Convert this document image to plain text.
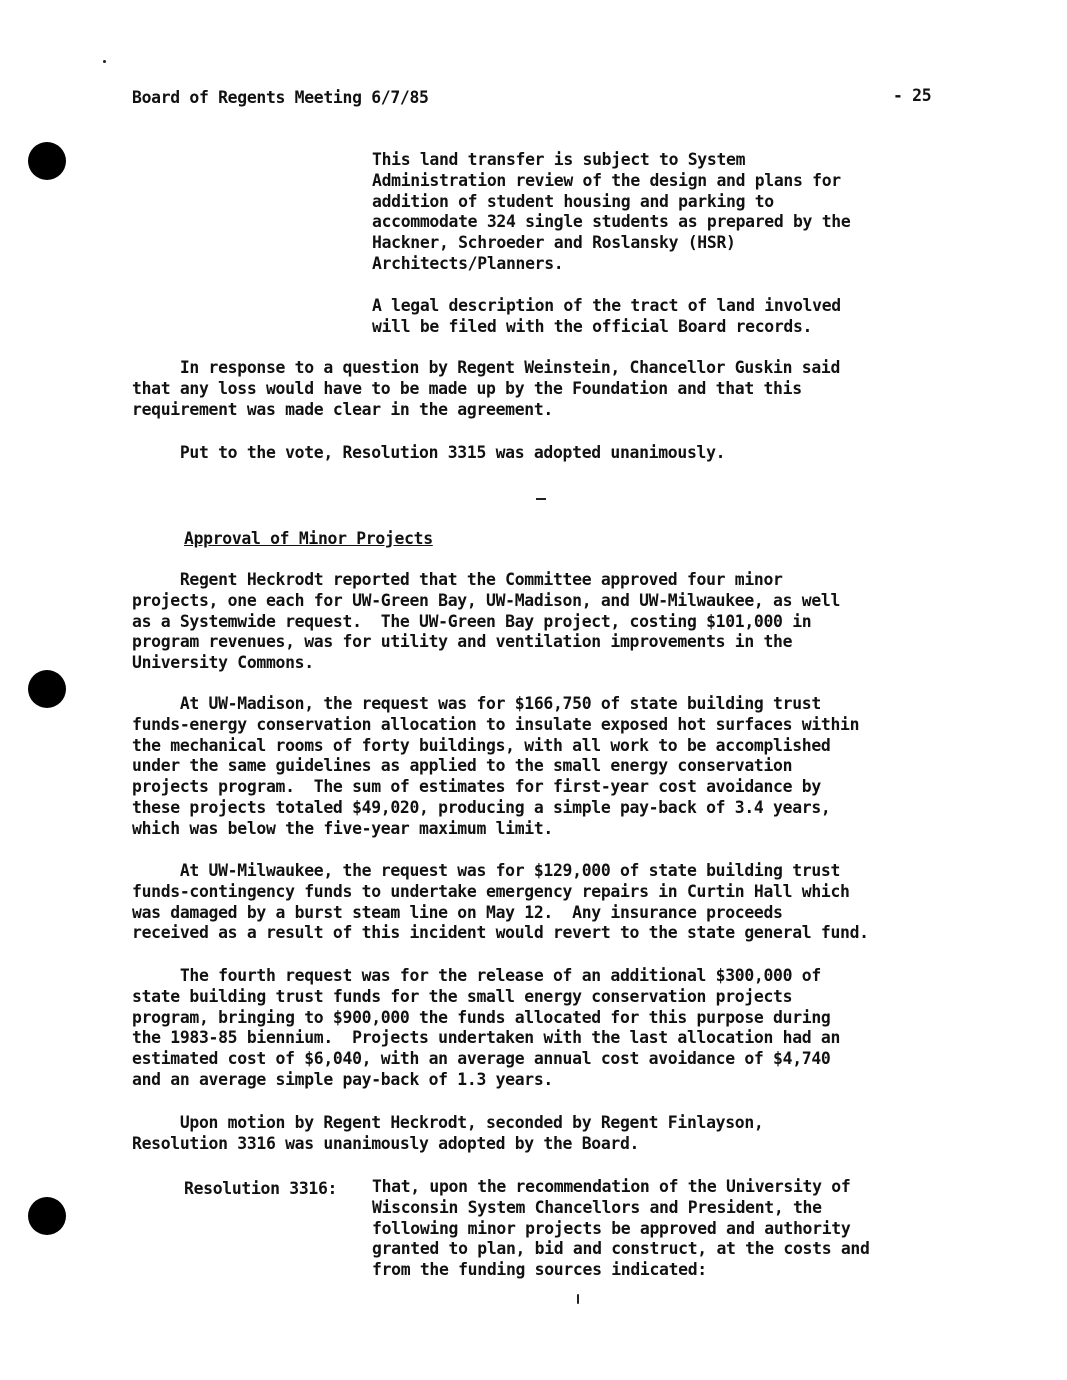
Board of Regents Meeting 6/7/85	- 25
This land transfer is subject to System
Administration review of the design and plans for
addition of student housing and parking to
accommodate 324 single students as prepared by the
Hackner, Schroeder and Roslansky (HSR)
Architects/Planners.
A legal description of the tract of land involved
will be filed with the official Board records.
In response to a question by Regent Weinstein, Chancellor Guskin said
that any loss would have to be made up by the Foundation and that this
requirement was made clear in the agreement.
Put to the vote, Resolution 3315 was adopted unanimously.
Approval of Minor Projects
Regent Heckrodt reported that the Committee approved four minor
projects, one each for UW-Green Bay, UW-Madison, and UW-Milwaukee, as well
as a Systemwide request.  The UW-Green Bay project, costing $101,000 in
program revenues, was for utility and ventilation improvements in the
University Commons.
At UW-Madison, the request was for $166,750 of state building trust
funds-energy conservation allocation to insulate exposed hot surfaces within
the mechanical rooms of forty buildings, with all work to be accomplished
under the same guidelines as applied to the small energy conservation
projects program.  The sum of estimates for first-year cost avoidance by
these projects totaled $49,020, producing a simple pay-back of 3.4 years,
which was below the five-year maximum limit.
At UW-Milwaukee, the request was for $129,000 of state building trust
funds-contingency funds to undertake emergency repairs in Curtin Hall which
was damaged by a burst steam line on May 12.  Any insurance proceeds
received as a result of this incident would revert to the state general fund.
The fourth request was for the release of an additional $300,000 of
state building trust funds for the small energy conservation projects
program, bringing to $900,000 the funds allocated for this purpose during
the 1983-85 biennium.  Projects undertaken with the last allocation had an
estimated cost of $6,040, with an average annual cost avoidance of $4,740
and an average simple pay-back of 1.3 years.
Upon motion by Regent Heckrodt, seconded by Regent Finlayson,
Resolution 3316 was unanimously adopted by the Board.
Resolution 3316: That, upon the recommendation of the University of
Wisconsin System Chancellors and President, the
following minor projects be approved and authority
granted to plan, bid and construct, at the costs and
from the funding sources indicated:
